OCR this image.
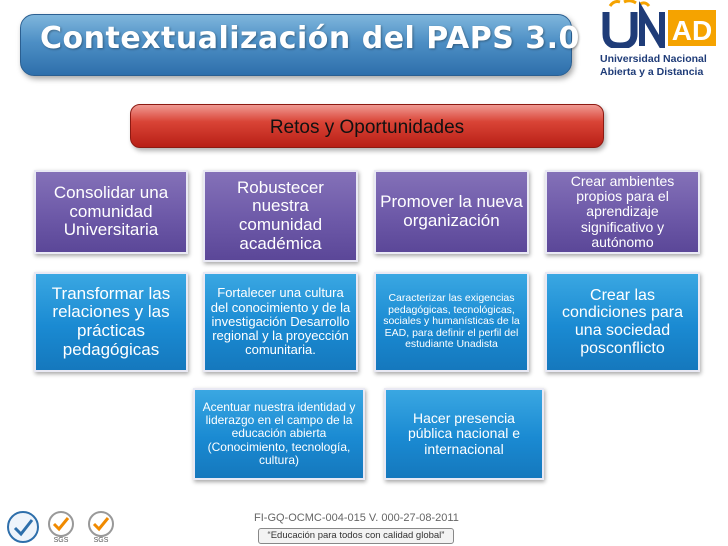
Contextualización del PAPS 3.0	AD
Universidad Nacional
Abierta y a Distancia
Retos y Oportunidades
Consolidar una comunidad Universitaria
Robustecer nuestra comunidad académica
Promover la nueva organización
Crear ambientes propios para el aprendizaje significativo y autónomo
Transformar las relaciones y las prácticas pedagógicas
Fortalecer una cultura del conocimiento y de la investigación Desarrollo regional y la proyección comunitaria.
Caracterizar las exigencias pedagógicas, tecnológicas, sociales y humanísticas de la EAD, para definir el perfil del estudiante Unadista
Crear las condiciones para una sociedad posconflicto
Acentuar nuestra identidad y liderazgo en el campo de la educación abierta (Conocimiento, tecnología, cultura)
Hacer presencia pública nacional e internacional
SGS	SGS
FI-GQ-OCMC-004-015 V. 000-27-08-2011
“Educación para todos con calidad global”
